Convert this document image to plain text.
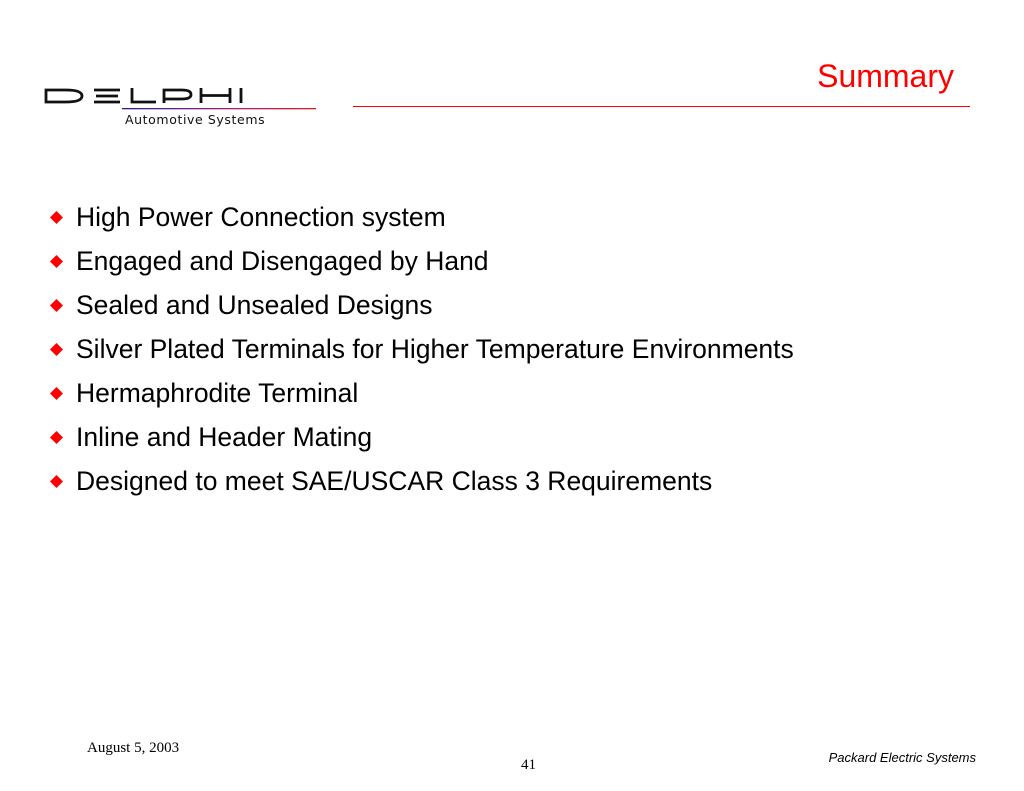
Automotive Systems
Summary
High Power Connection system
Engaged and Disengaged by Hand
Sealed and Unsealed Designs
Silver Plated Terminals for Higher Temperature Environments
Hermaphrodite Terminal
Inline and Header Mating
Designed to meet SAE/USCAR Class 3 Requirements
August 5, 2003
41	Packard Electric Systems
